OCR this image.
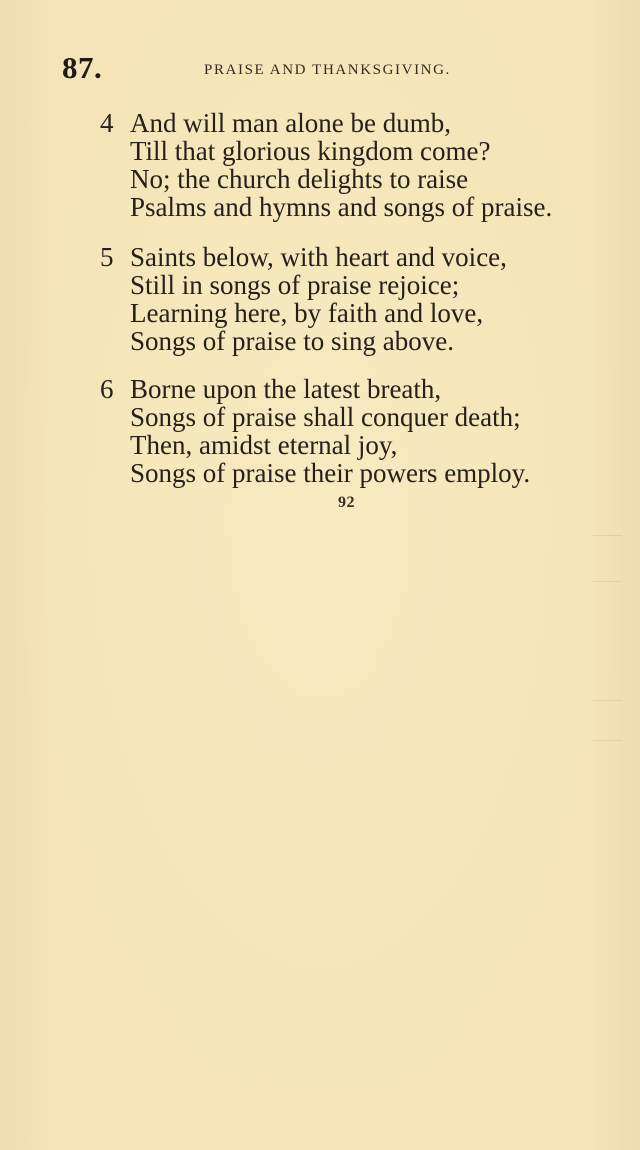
87.	PRAISE AND THANKSGIVING.
4 And will man alone be dumb,
Till that glorious kingdom come?
No; the church delights to raise
Psalms and hymns and songs of praise.
5 Saints below, with heart and voice,
Still in songs of praise rejoice;
Learning here, by faith and love,
Songs of praise to sing above.
6 Borne upon the latest breath,
Songs of praise shall conquer death;
Then, amidst eternal joy,
Songs of praise their powers employ.
92
